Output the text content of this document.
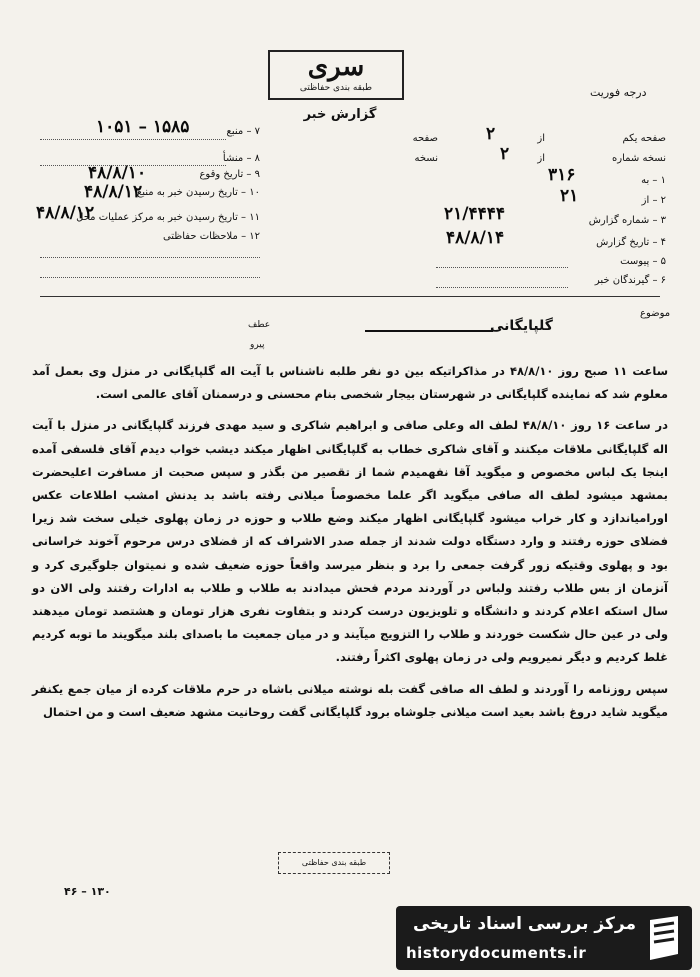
سری
طبقه بندی حفاظتی
گزارش خبر
درجه فوریت
۷ – منبع
۱۰۵۱ – ۱۵۸۵
۸ – منشأ
۹ – تاریخ وقوع
۴۸/۸/۱۰
۱۰ – تاریخ رسیدن خبر به منبع
۴۸/۸/۱۲
۱۱ – تاریخ رسیدن خبر به مرکز عملیات محل
۴۸/۸/۱۲
۱۲ – ملاحظات حفاظتی
صفحه یکم
از
۲
صفحه
نسخه شماره
از
۲
نسخه
۱ – به
۳۱۶
۲ – از
۲۱
۳ – شماره گزارش
۲۱/۴۴۴۴
۴ – تاریخ گزارش
۴۸/۸/۱۴
۵ – پیوست
۶ – گیرندگان خبر
موضوع
گلپایگانی
عطف
پیرو

ساعت ۱۱ صبح روز ۴۸/۸/۱۰ در مذاکراتیکه بین دو نفر طلبه ناشناس با آیت اله گلپایگانی در منزل وی بعمل آمد معلوم شد که نماینده گلپایگانی در شهرستان بیجار شخصی بنام محسنی و درسمنان آقای عالمی است.

در ساعت ۱۶ روز ۴۸/۸/۱۰ لطف اله وعلی صافی و ابراهیم شاکری و سید مهدی فرزند گلپایگانی در منزل با آیت اله گلپایگانی ملاقات میکنند و آقای شاکری خطاب به گلپایگانی اظهار میکند دیشب خواب دیدم آقای فلسفی آمده اینجا یک لباس مخصوص و میگوید آقا نفهمیدم شما از تقصیر من بگذر و سپس صحبت از مسافرت اعلیحضرت بمشهد میشود لطف اله صافی میگوید اگر علما مخصوصاً میلانی رفته باشد بد یدنش امشب اطلاعات عکس اورامیاندازد و کار خراب میشود گلپایگانی اظهار میکند وضع طلاب و حوزه در زمان پهلوی خیلی سخت شد زیرا فضلای حوزه رفتند و وارد دستگاه دولت شدند از جمله صدر الاشراف که از فضلای درس مرحوم آخوند خراسانی بود و پهلوی وقتیکه زور گرفت جمعی را برد و بنظر میرسد واقعاً حوزه ضعیف شده و نمیتوان جلوگیری کرد و آنزمان از بس طلاب رفتند ولباس در آوردند مردم فحش میدادند به طلاب و طلاب به ادارات رفتند ولی الان دو سال استکه اعلام کردند و دانشگاه و تلویزیون درست کردند و بتفاوت نفری هزار تومان و هشتصد تومان میدهند ولی در عین حال شکست خوردند و طلاب را التزویج میآیند و در میان جمعیت ما باصدای بلند میگویند ما توبه کردیم غلط کردیم و دیگر نمیرویم ولی در زمان پهلوی اکثراً رفتند.

سپس روزنامه را آوردند و لطف اله صافی گفت بله نوشته میلانی باشاه در حرم ملاقات کرده از میان جمع یکنفر میگوید شاید دروغ باشد بعید است میلانی جلوشاه برود گلپایگانی گفت روحانیت مشهد ضعیف است و من احتمال

طبقه بندی حفاظتی
۱۳۰ – ۴۶
مرکز بررسی اسناد تاریخی
historydocuments.ir
